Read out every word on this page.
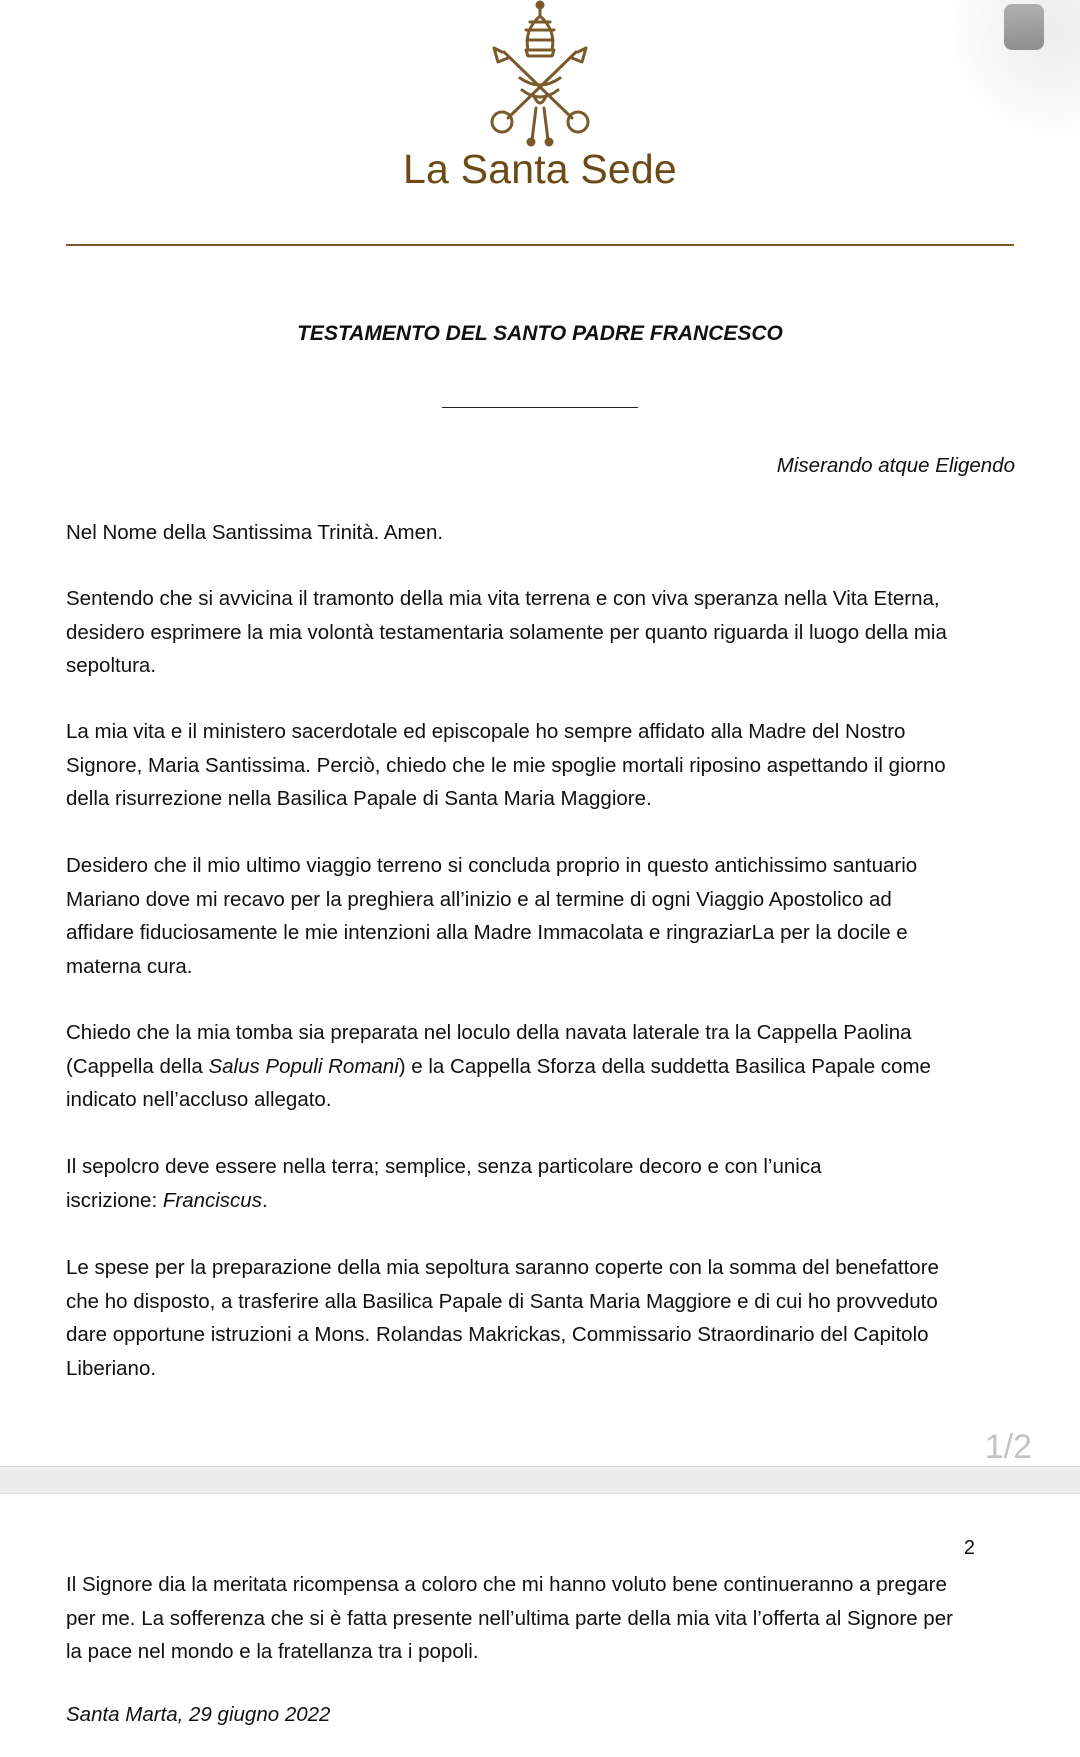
La Santa Sede
TESTAMENTO DEL SANTO PADRE FRANCESCO
Miserando atque Eligendo

Nel Nome della Santissima Trinità. Amen.

Sentendo che si avvicina il tramonto della mia vita terrena e con viva speranza nella Vita Eterna,
desidero esprimere la mia volontà testamentaria solamente per quanto riguarda il luogo della mia
sepoltura.

La mia vita e il ministero sacerdotale ed episcopale ho sempre affidato alla Madre del Nostro
Signore, Maria Santissima. Perciò, chiedo che le mie spoglie mortali riposino aspettando il giorno
della risurrezione nella Basilica Papale di Santa Maria Maggiore.

Desidero che il mio ultimo viaggio terreno si concluda proprio in questo antichissimo santuario
Mariano dove mi recavo per la preghiera all’inizio e al termine di ogni Viaggio Apostolico ad
affidare fiduciosamente le mie intenzioni alla Madre Immacolata e ringraziarLa per la docile e
materna cura.

Chiedo che la mia tomba sia preparata nel loculo della navata laterale tra la Cappella Paolina
(Cappella della Salus Populi Romani) e la Cappella Sforza della suddetta Basilica Papale come
indicato nell’accluso allegato.

Il sepolcro deve essere nella terra; semplice, senza particolare decoro e con l’unica
iscrizione: Franciscus.

Le spese per la preparazione della mia sepoltura saranno coperte con la somma del benefattore
che ho disposto, a trasferire alla Basilica Papale di Santa Maria Maggiore e di cui ho provveduto
dare opportune istruzioni a Mons. Rolandas Makrickas, Commissario Straordinario del Capitolo
Liberiano.

1/2
2

Il Signore dia la meritata ricompensa a coloro che mi hanno voluto bene continueranno a pregare
per me. La sofferenza che si è fatta presente nell’ultima parte della mia vita l’offerta al Signore per
la pace nel mondo e la fratellanza tra i popoli.

Santa Marta, 29 giugno 2022
